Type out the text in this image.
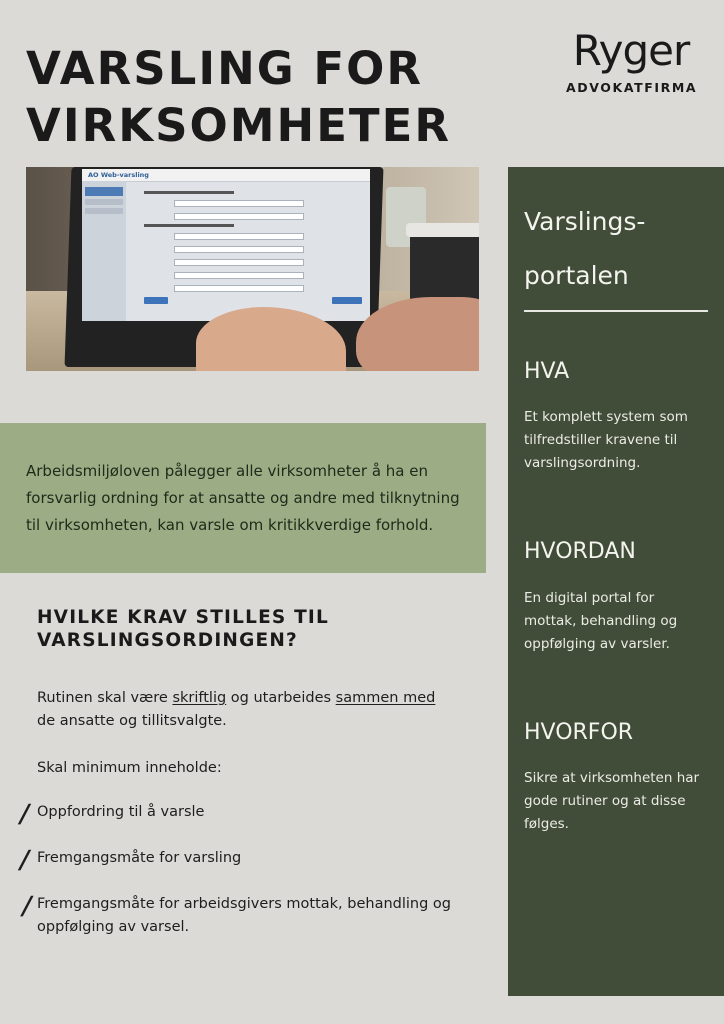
VARSLING FOR
VIRKSOMHETER
Ryger
ADVOKATFIRMA
AO Web-varsling

Arbeidsmiljøloven pålegger alle virksomheter å ha en forsvarlig ordning for at ansatte og andre med tilknytning til virksomheten, kan varsle om kritikkverdige forhold.

HVILKE KRAV STILLES TIL
VARSLINGSORDINGEN?

Rutinen skal være skriftlig og utarbeides sammen med de ansatte og tillitsvalgte.

Skal minimum inneholde:

/ Oppfordring til å varsle
/ Fremgangsmåte for varsling
/ Fremgangsmåte for arbeidsgivers mottak, behandling og oppfølging av varsel.
Varslings-
portalen
HVA

Et komplett system som tilfredstiller kravene til varslingsordning.

HVORDAN

En digital portal for mottak, behandling og oppfølging av varsler.

HVORFOR

Sikre at virksomheten har gode rutiner og at disse følges.
